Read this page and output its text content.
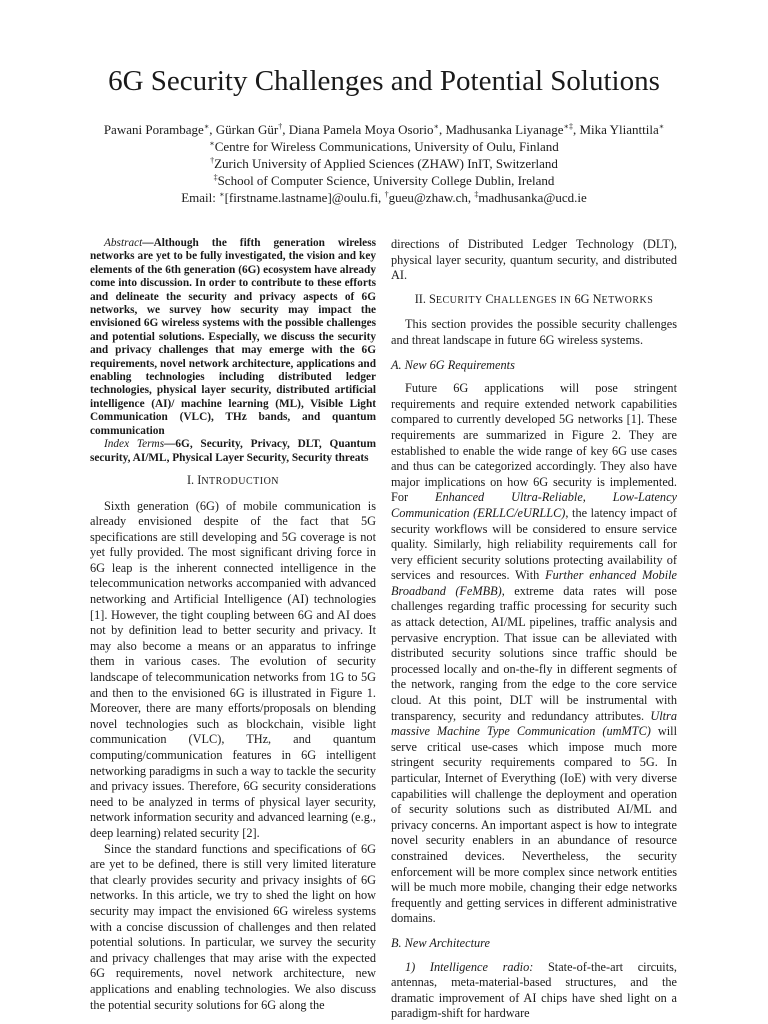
6G Security Challenges and Potential Solutions
Pawani Porambage∗, Gürkan Gür†, Diana Pamela Moya Osorio∗, Madhusanka Liyanage∗‡, Mika Ylianttila∗
∗Centre for Wireless Communications, University of Oulu, Finland
†Zurich University of Applied Sciences (ZHAW) InIT, Switzerland
‡School of Computer Science, University College Dublin, Ireland
Email: ∗[firstname.lastname]@oulu.fi, †gueu@zhaw.ch, ‡madhusanka@ucd.ie

Abstract—Although the fifth generation wireless networks are yet to be fully investigated, the vision and key elements of the 6th generation (6G) ecosystem have already come into discussion. In order to contribute to these efforts and delineate the security and privacy aspects of 6G networks, we survey how security may impact the envisioned 6G wireless systems with the possible challenges and potential solutions. Especially, we discuss the security and privacy challenges that may emerge with the 6G requirements, novel network architecture, applications and enabling technologies including distributed ledger technologies, physical layer security, distributed artificial intelligence (AI)/ machine learning (ML), Visible Light Communication (VLC), THz bands, and quantum communication

Index Terms—6G, Security, Privacy, DLT, Quantum security, AI/ML, Physical Layer Security, Security threats

I. INTRODUCTION

Sixth generation (6G) of mobile communication is already envisioned despite of the fact that 5G specifications are still developing and 5G coverage is not yet fully provided. The most significant driving force in 6G leap is the inherent connected intelligence in the telecommunication networks accompanied with advanced networking and Artificial Intelligence (AI) technologies [1]. However, the tight coupling between 6G and AI does not by definition lead to better security and privacy. It may also become a means or an apparatus to infringe them in various cases. The evolution of security landscape of telecommunication networks from 1G to 5G and then to the envisioned 6G is illustrated in Figure 1. Moreover, there are many efforts/proposals on blending novel technologies such as blockchain, visible light communication (VLC), THz, and quantum computing/communication features in 6G intelligent networking paradigms in such a way to tackle the security and privacy issues. Therefore, 6G security considerations need to be analyzed in terms of physical layer security, network information security and advanced learning (e.g., deep learning) related security [2].

Since the standard functions and specifications of 6G are yet to be defined, there is still very limited literature that clearly provides security and privacy insights of 6G networks. In this article, we try to shed the light on how security may impact the envisioned 6G wireless systems with a concise discussion of challenges and then related potential solutions. In particular, we survey the security and privacy challenges that may arise with the expected 6G requirements, novel network architecture, new applications and enabling technologies. We also discuss the potential security solutions for 6G along the

directions of Distributed Ledger Technology (DLT), physical layer security, quantum security, and distributed AI.

II. SECURITY CHALLENGES IN 6G NETWORKS

This section provides the possible security challenges and threat landscape in future 6G wireless systems.

A. New 6G Requirements

Future 6G applications will pose stringent requirements and require extended network capabilities compared to currently developed 5G networks [1]. These requirements are summarized in Figure 2. They are established to enable the wide range of key 6G use cases and thus can be categorized accordingly. They also have major implications on how 6G security is implemented. For Enhanced Ultra-Reliable, Low-Latency Communication (ERLLC/eURLLC), the latency impact of security workflows will be considered to ensure service quality. Similarly, high reliability requirements call for very efficient security solutions protecting availability of services and resources. With Further enhanced Mobile Broadband (FeMBB), extreme data rates will pose challenges regarding traffic processing for security such as attack detection, AI/ML pipelines, traffic analysis and pervasive encryption. That issue can be alleviated with distributed security solutions since traffic should be processed locally and on-the-fly in different segments of the network, ranging from the edge to the core service cloud. At this point, DLT will be instrumental with transparency, security and redundancy attributes. Ultra massive Machine Type Communication (umMTC) will serve critical use-cases which impose much more stringent security requirements compared to 5G. In particular, Internet of Everything (IoE) with very diverse capabilities will challenge the deployment and operation of security solutions such as distributed AI/ML and privacy concerns. An important aspect is how to integrate novel security enablers in an abundance of resource constrained devices. Nevertheless, the security enforcement will be more complex since network entities will be much more mobile, changing their edge networks frequently and getting services in different administrative domains.

B. New Architecture

1) Intelligence radio: State-of-the-art circuits, antennas, meta-material-based structures, and the dramatic improvement of AI chips have shed light on a paradigm-shift for hardware
